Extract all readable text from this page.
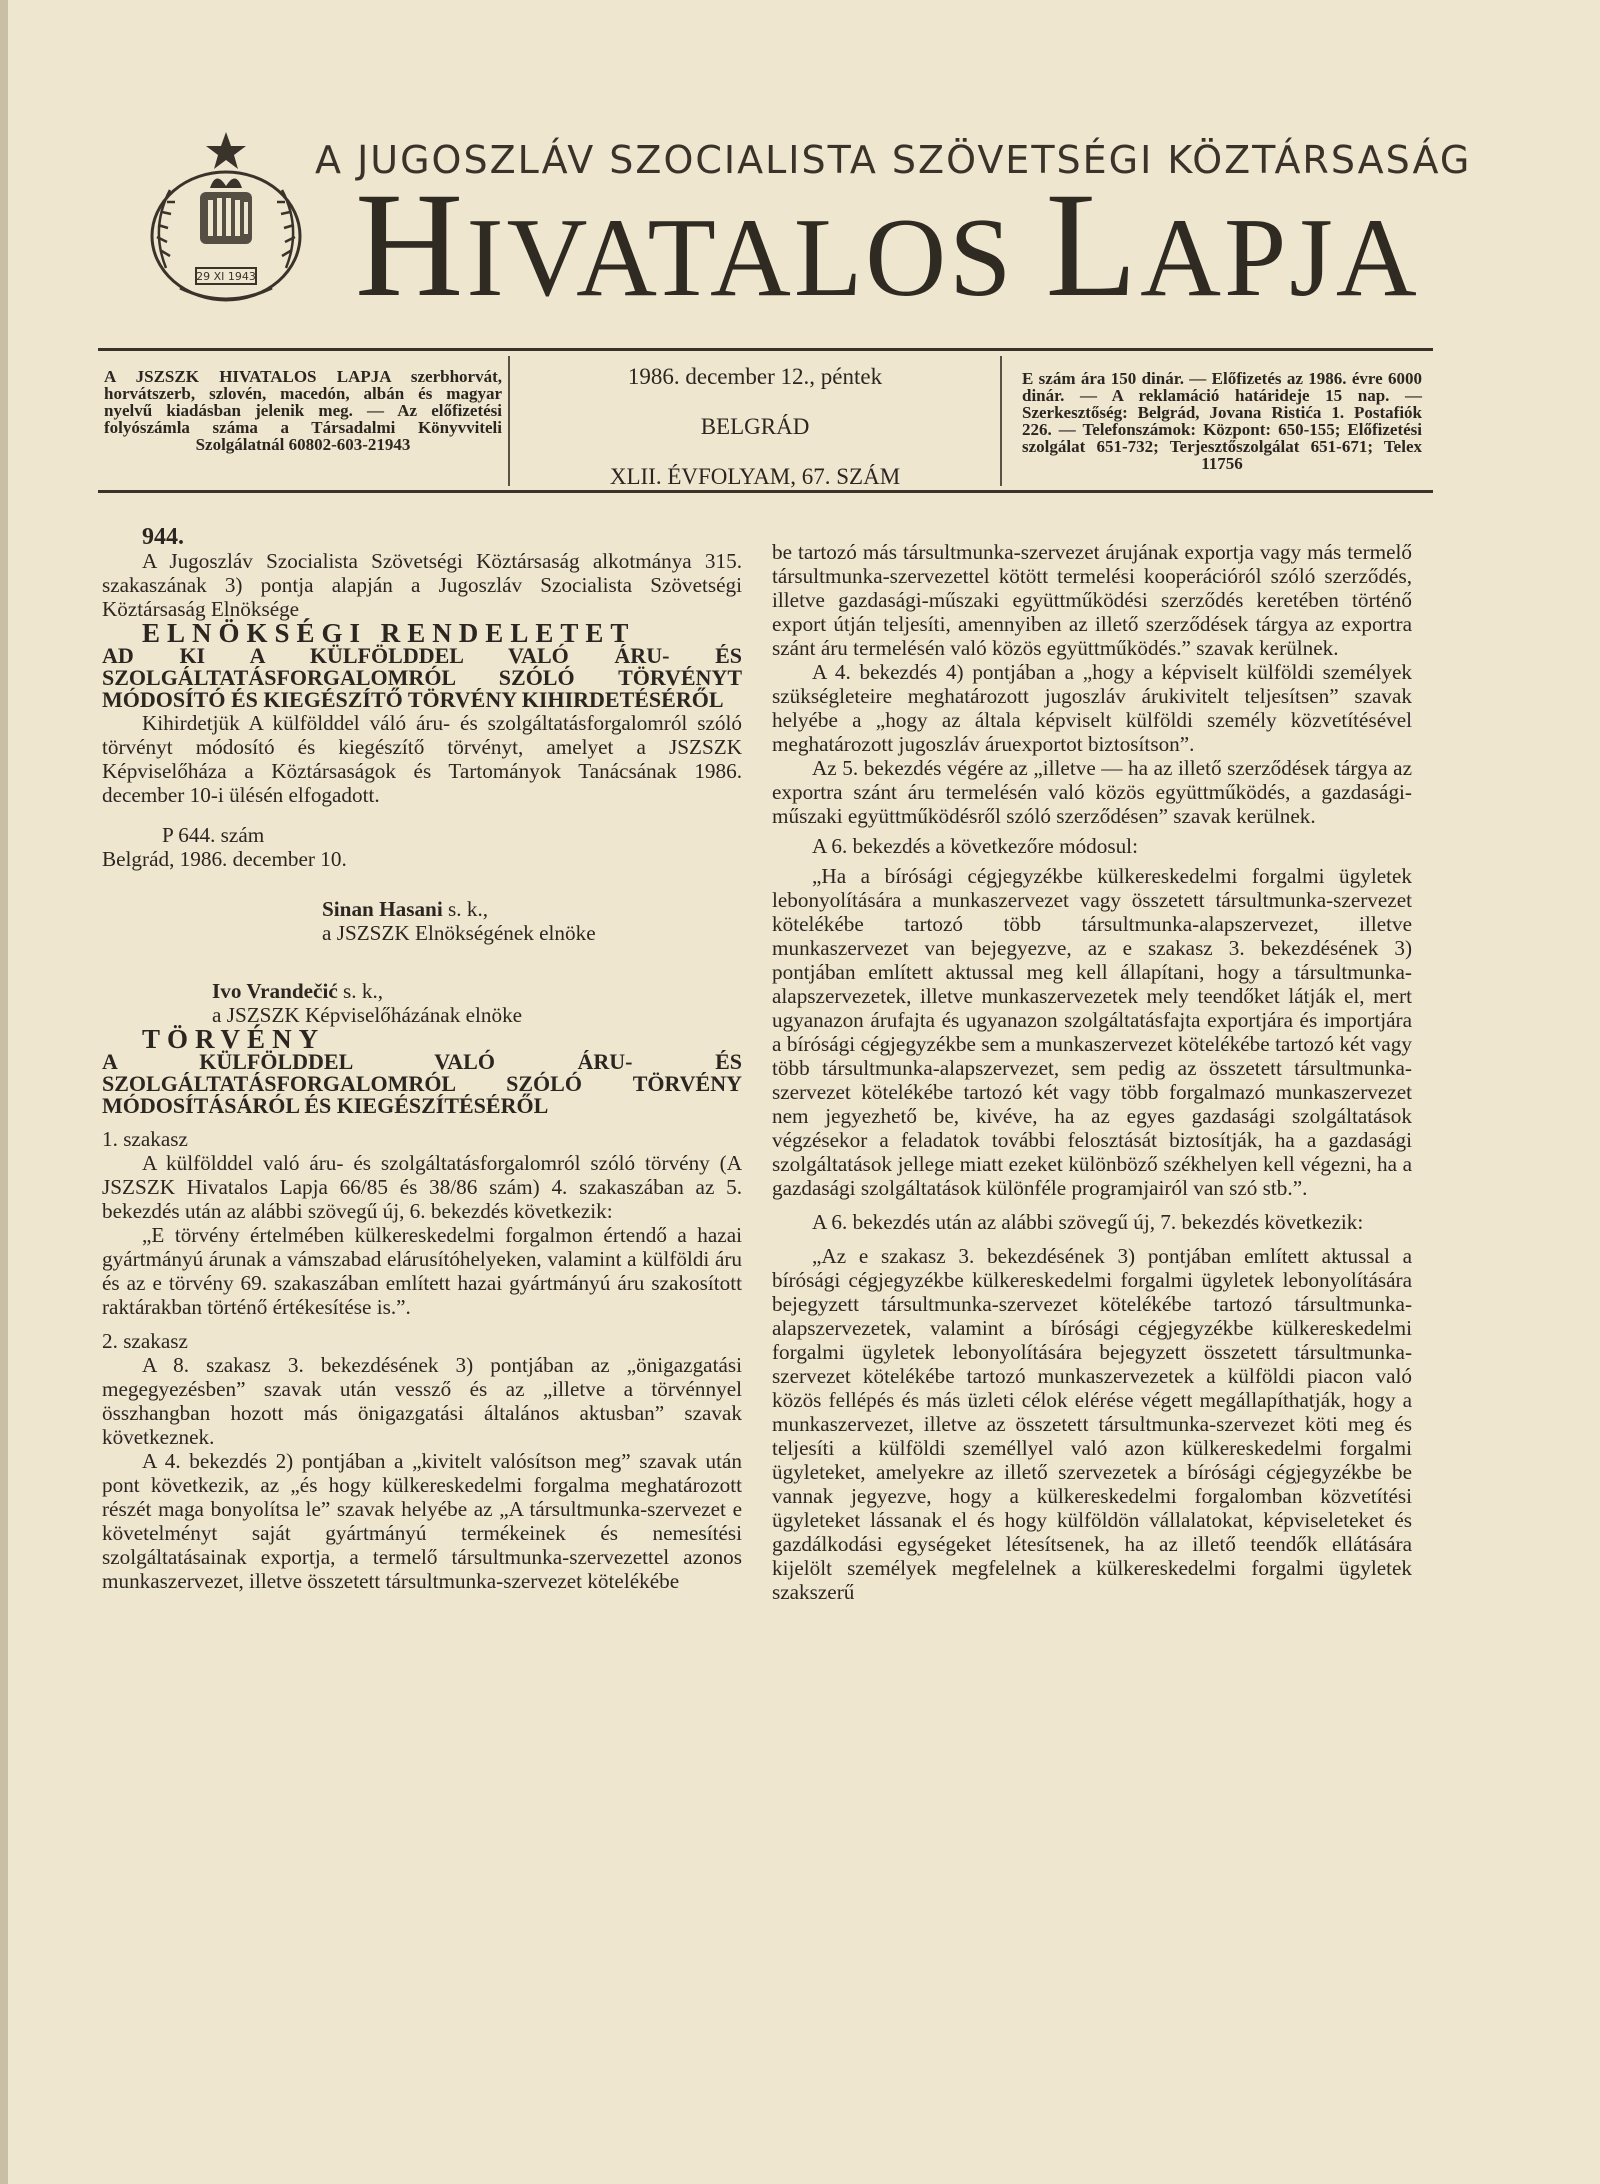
29 XI 1943
A JUGOSZLÁV SZOCIALISTA SZÖVETSÉGI KÖZTÁRSASÁG
HIVATALOS LAPJA
A JSZSZK HIVATALOS LAPJA szerbhorvát, horvátszerb, szlovén, macedón, albán és magyar nyelvű kiadásban jelenik meg. — Az előfizetési folyószámla száma a Társadalmi Könyvviteli Szolgálatnál 60802-603-21943
1986. december 12., péntek
BELGRÁD
XLII. ÉVFOLYAM, 67. SZÁM
E szám ára 150 dinár. — Előfizetés az 1986. évre 6000 dinár. — A reklamáció határideje 15 nap. — Szerkesztőség: Belgrád, Jovana Ristića 1. Postafiók 226. — Telefonszámok: Központ: 650-155; Előfizetési szolgálat 651-732; Terjesztőszolgálat 651-671; Telex 11756

944.

A Jugoszláv Szocialista Szövetségi Köztársaság alkotmánya 315. szakaszának 3) pontja alapján a Jugoszláv Szocialista Szövetségi Köztársaság Elnöksége

ELNÖKSÉGI RENDELETET

AD KI A KÜLFÖLDDEL VALÓ ÁRU- ÉS SZOLGÁLTATÁSFORGALOMRÓL SZÓLÓ TÖRVÉNYT MÓDOSÍTÓ ÉS KIEGÉSZÍTŐ TÖRVÉNY KIHIRDETÉSÉRŐL

Kihirdetjük A külfölddel váló áru- és szolgáltatásforgalomról szóló törvényt módosító és kiegészítő törvényt, amelyet a JSZSZK Képviselőháza a Köztársaságok és Tartományok Tanácsának 1986. december 10-i ülésén elfogadott.

P 644. szám

Belgrád, 1986. december 10.

Sinan Hasani s. k.,
a JSZSZK Elnökségének elnöke

Ivo Vrandečić s. k.,
a JSZSZK Képviselőházának elnöke

TÖRVÉNY

A KÜLFÖLDDEL VALÓ ÁRU- ÉS SZOLGÁLTATÁSFORGALOMRÓL SZÓLÓ TÖRVÉNY MÓDOSÍTÁSÁRÓL ÉS KIEGÉSZÍTÉSÉRŐL

1. szakasz

A külfölddel való áru- és szolgáltatásforgalomról szóló törvény (A JSZSZK Hivatalos Lapja 66/85 és 38/86 szám) 4. szakaszában az 5. bekezdés után az alábbi szövegű új, 6. bekezdés következik:

„E törvény értelmében külkereskedelmi forgalmon értendő a hazai gyártmányú árunak a vámszabad elárusítóhelyeken, valamint a külföldi áru és az e törvény 69. szakaszában említett hazai gyártmányú áru szakosított raktárakban történő értékesítése is.”.

2. szakasz

A 8. szakasz 3. bekezdésének 3) pontjában az „önigazgatási megegyezésben” szavak után vessző és az „illetve a törvénnyel összhangban hozott más önigazgatási általános aktusban” szavak következnek.

A 4. bekezdés 2) pontjában a „kivitelt valósítson meg” szavak után pont következik, az „és hogy külkereskedelmi forgalma meghatározott részét maga bonyolítsa le” szavak helyébe az „A társultmunka-szervezet e követelményt saját gyártmányú termékeinek és nemesítési szolgáltatásainak exportja, a termelő társultmunka-szervezettel azonos munkaszervezet, illetve összetett társultmunka-szervezet kötelékébe

be tartozó más társultmunka-szervezet árujának exportja vagy más termelő társultmunka-szervezettel kötött termelési kooperációról szóló szerződés, illetve gazdasági-műszaki együttműködési szerződés keretében történő export útján teljesíti, amennyiben az illető szerződések tárgya az exportra szánt áru termelésén való közös együttműködés.” szavak kerülnek.

A 4. bekezdés 4) pontjában a „hogy a képviselt külföldi személyek szükségleteire meghatározott jugoszláv árukivitelt teljesítsen” szavak helyébe a „hogy az általa képviselt külföldi személy közvetítésével meghatározott jugoszláv áruexportot biztosítson”.

Az 5. bekezdés végére az „illetve — ha az illető szerződések tárgya az exportra szánt áru termelésén való közös együttműködés, a gazdasági-műszaki együttműködésről szóló szerződésen” szavak kerülnek.

A 6. bekezdés a következőre módosul:

„Ha a bírósági cégjegyzékbe külkereskedelmi forgalmi ügyletek lebonyolítására a munkaszervezet vagy összetett társultmunka-szervezet kötelékébe tartozó több társultmunka-alapszervezet, illetve munkaszervezet van bejegyezve, az e szakasz 3. bekezdésének 3) pontjában említett aktussal meg kell állapítani, hogy a társultmunka-alapszervezetek, illetve munkaszervezetek mely teendőket látják el, mert ugyanazon árufajta és ugyanazon szolgáltatásfajta exportjára és importjára a bírósági cégjegyzékbe sem a munkaszervezet kötelékébe tartozó két vagy több társultmunka-alapszervezet, sem pedig az összetett társultmunka-szervezet kötelékébe tartozó két vagy több forgalmazó munkaszervezet nem jegyezhető be, kivéve, ha az egyes gazdasági szolgáltatások végzésekor a feladatok további felosztását biztosítják, ha a gazdasági szolgáltatások jellege miatt ezeket különböző székhelyen kell végezni, ha a gazdasági szolgáltatások különféle programjairól van szó stb.”.

A 6. bekezdés után az alábbi szövegű új, 7. bekezdés következik:

„Az e szakasz 3. bekezdésének 3) pontjában említett aktussal a bírósági cégjegyzékbe külkereskedelmi forgalmi ügyletek lebonyolítására bejegyzett társultmunka-szervezet kötelékébe tartozó társultmunka-alapszervezetek, valamint a bírósági cégjegyzékbe külkereskedelmi forgalmi ügyletek lebonyolítására bejegyzett összetett társultmunka-szervezet kötelékébe tartozó munkaszervezetek a külföldi piacon való közös fellépés és más üzleti célok elérése végett megállapíthatják, hogy a munkaszervezet, illetve az összetett társultmunka-szervezet köti meg és teljesíti a külföldi személlyel való azon külkereskedelmi forgalmi ügyleteket, amelyekre az illető szervezetek a bírósági cégjegyzékbe be vannak jegyezve, hogy a külkereskedelmi forgalomban közvetítési ügyleteket lássanak el és hogy külföldön vállalatokat, képviseleteket és gazdálkodási egységeket létesítsenek, ha az illető teendők ellátására kijelölt személyek megfelelnek a külkereskedelmi forgalmi ügyletek szakszerű
